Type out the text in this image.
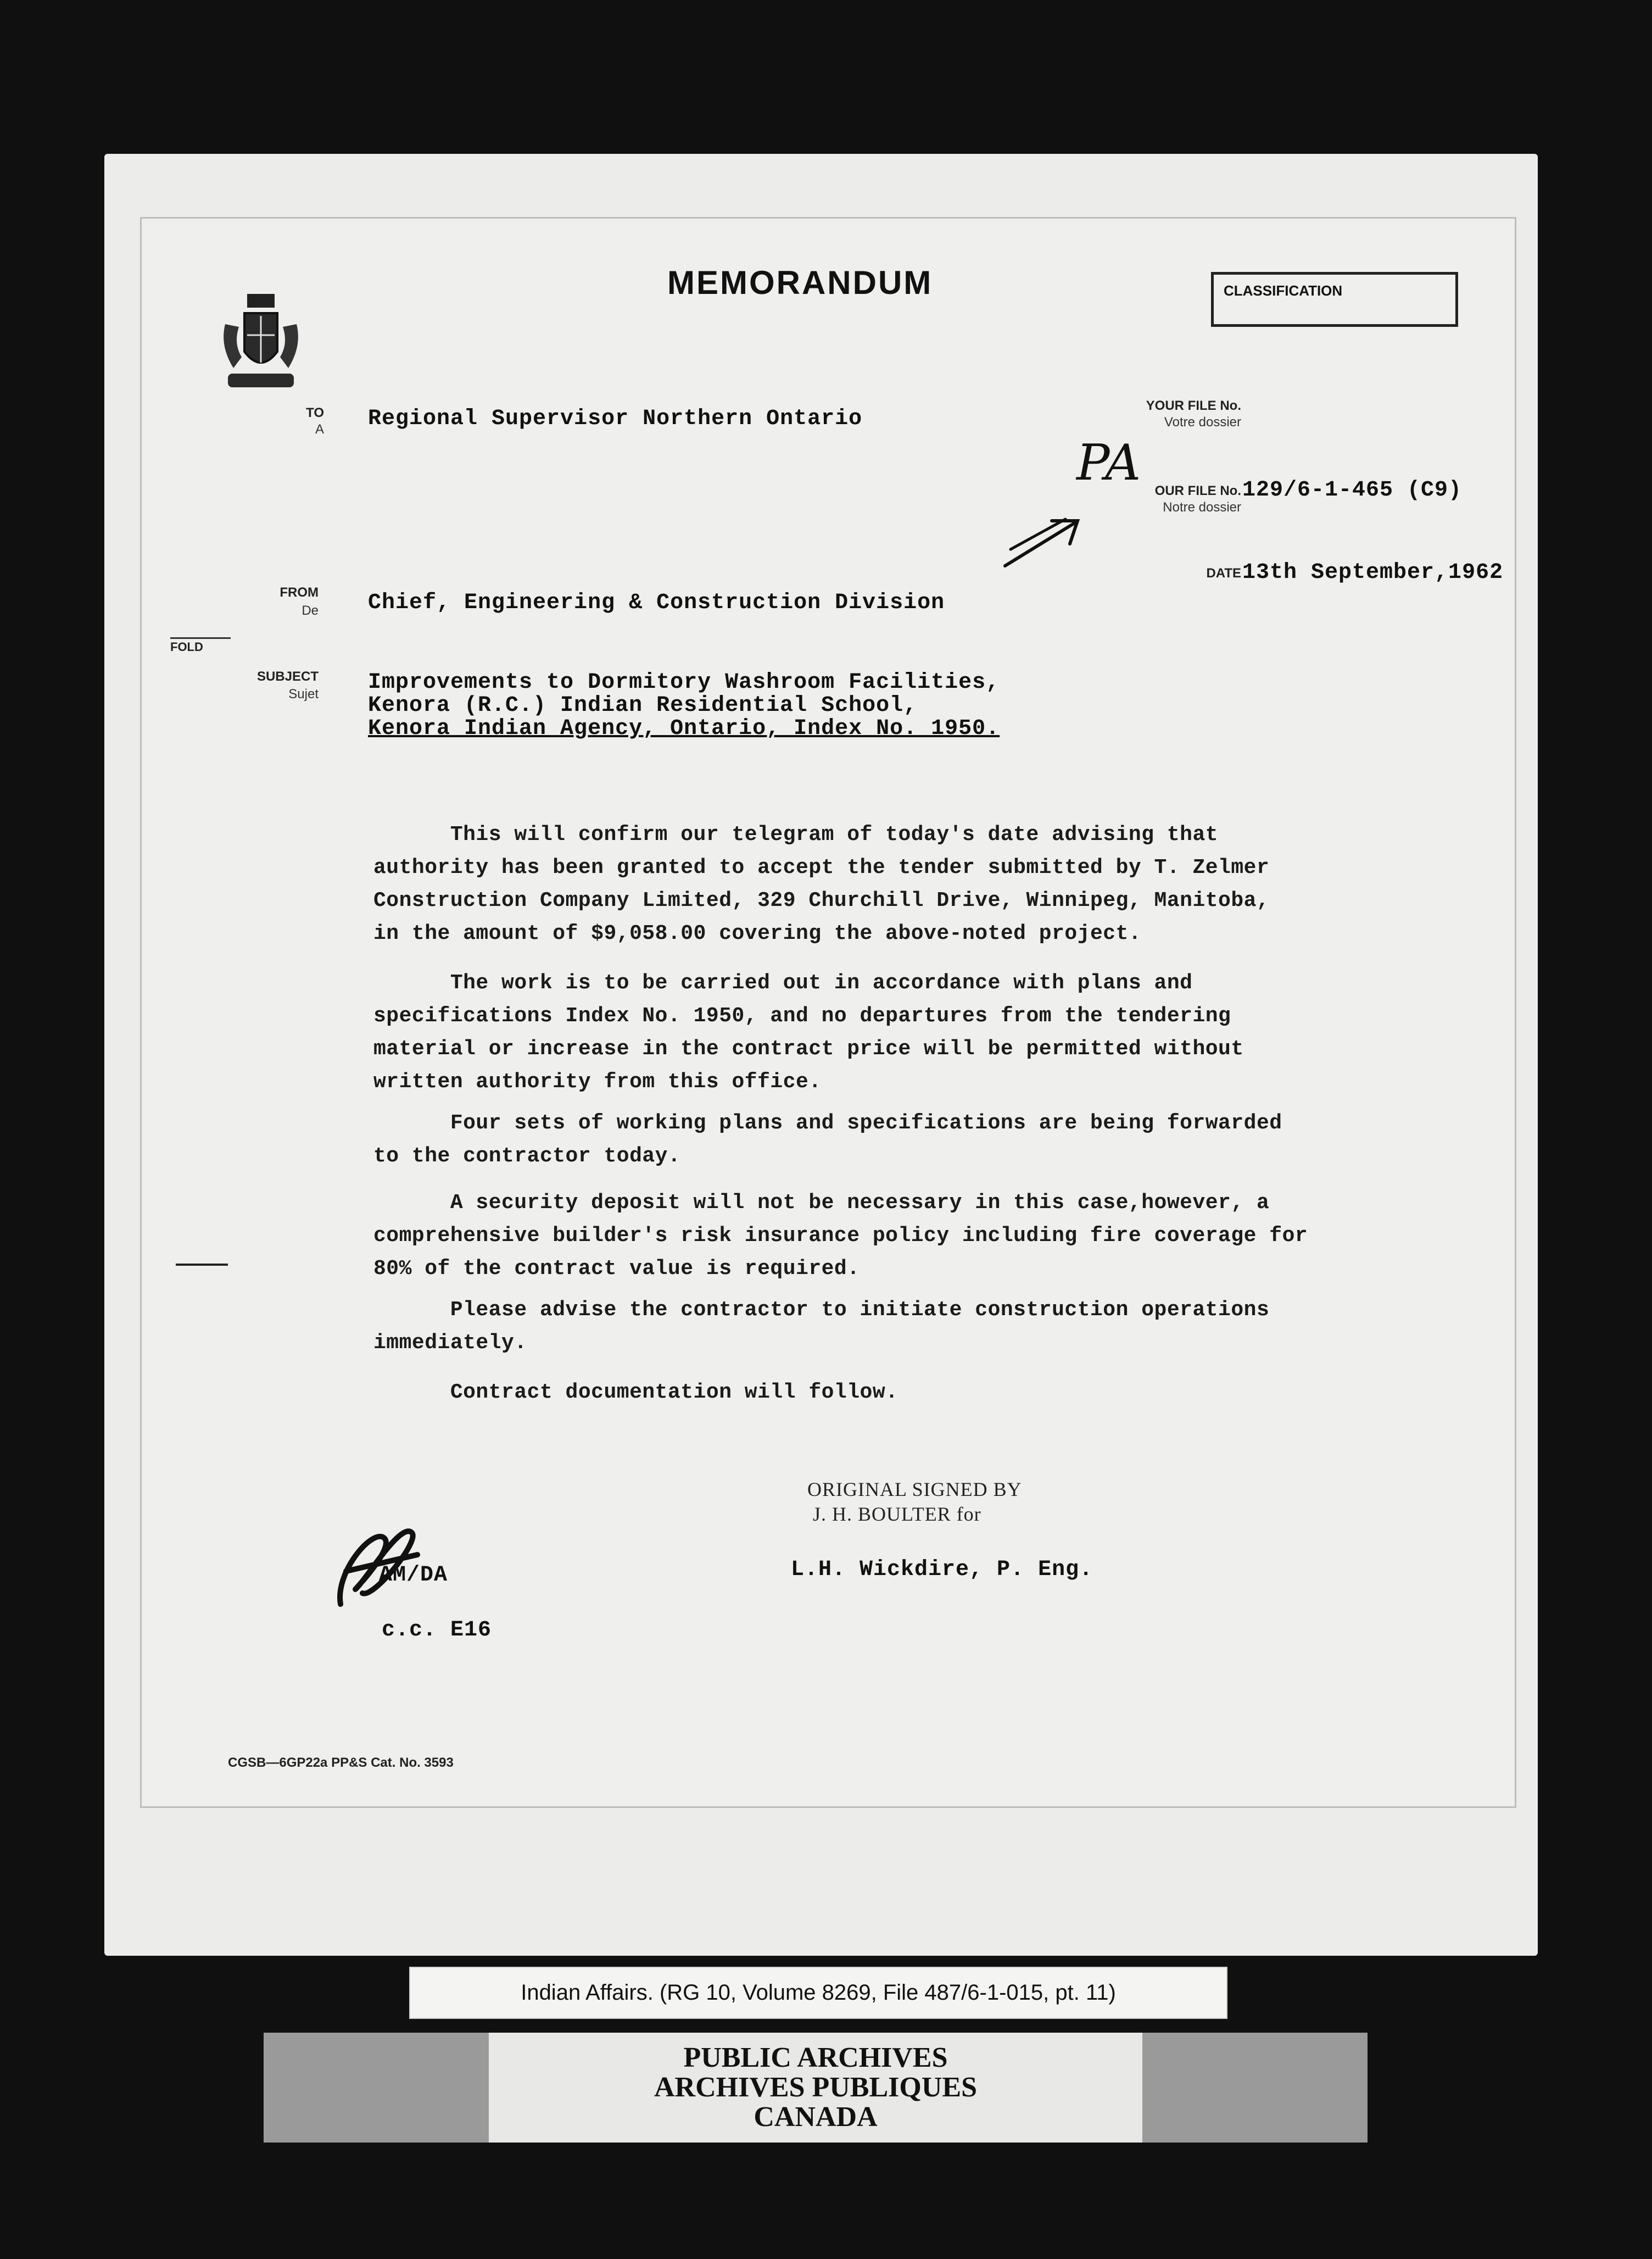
MEMORANDUM	CLASSIFICATION
TO
A Regional Supervisor Northern Ontario
YOUR FILE No.
Votre dossier
PA	OUR FILE No.
Notre dossier
129/6-1-465 (C9)
DATE 13th September,1962
FROM
De Chief, Engineering & Construction Division
FOLD
SUBJECT
Sujet Improvements to Dormitory Washroom Facilities,
Kenora (R.C.) Indian Residential School,
Kenora Indian Agency, Ontario, Index No. 1950.
This will confirm our telegram of today's date advising that
authority has been granted to accept the tender submitted by T. Zelmer
Construction Company Limited, 329 Churchill Drive, Winnipeg, Manitoba,
in the amount of $9,058.00 covering the above-noted project.
The work is to be carried out in accordance with plans and
specifications Index No. 1950, and no departures from the tendering
material or increase in the contract price will be permitted without
written authority from this office.
Four sets of working plans and specifications are being forwarded
to the contractor today.
A security deposit will not be necessary in this case,however, a
comprehensive builder's risk insurance policy including fire coverage for
80% of the contract value is required.
Please advise the contractor to initiate construction operations
immediately.
Contract documentation will follow.
ORIGINAL SIGNED BY
J. H. BOULTER for
L.H. Wickdire, P. Eng.
AM/DA
c.c. E16
CGSB—6GP22a PP&S Cat. No. 3593
Indian Affairs. (RG 10, Volume 8269, File 487/6-1-015, pt. 11)
PUBLIC ARCHIVES
ARCHIVES PUBLIQUES
CANADA
